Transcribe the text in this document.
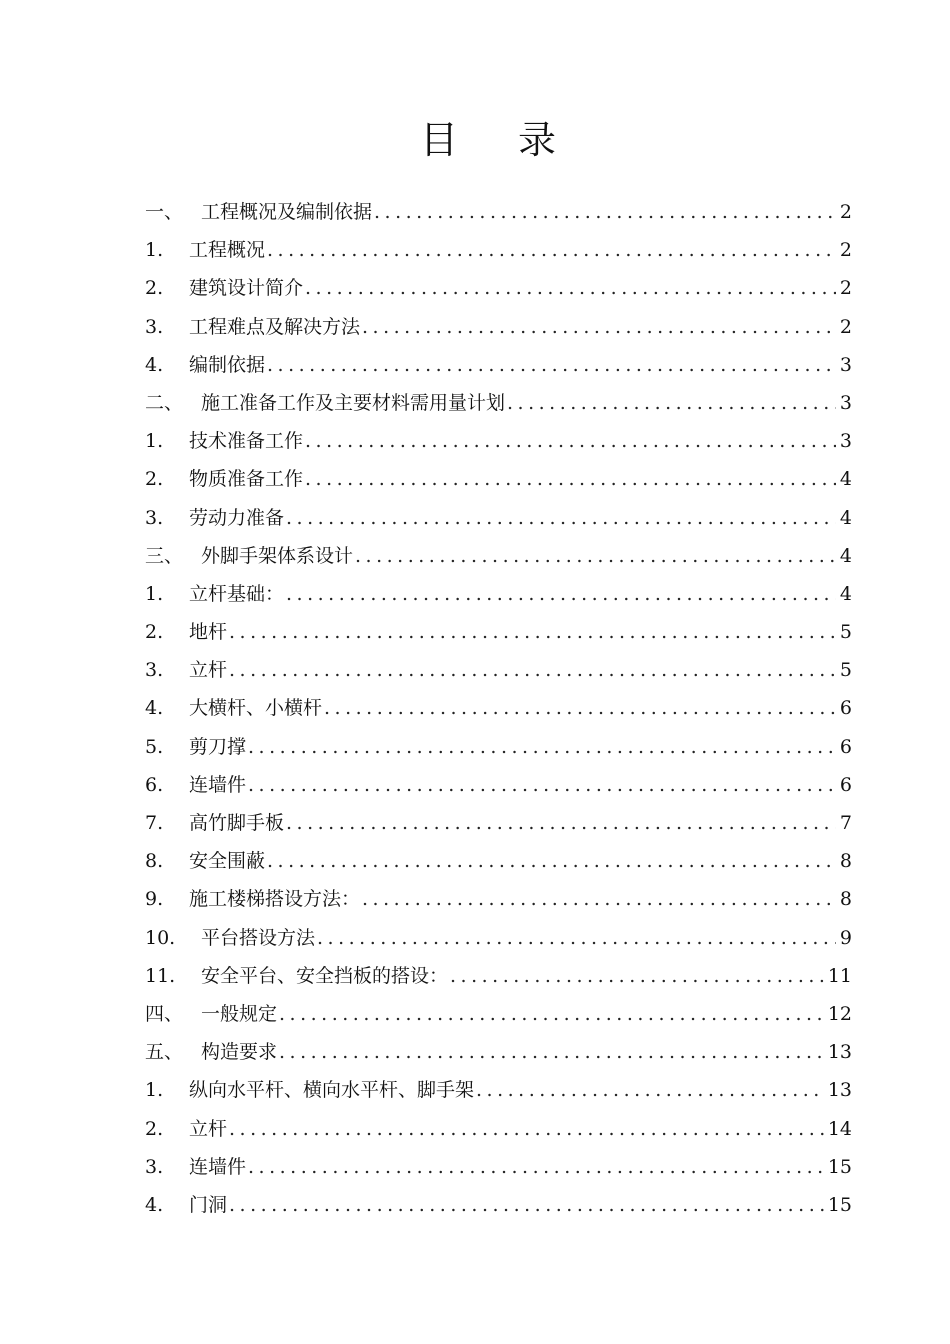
目 录
一、 工程概况及编制依据 .....	2
1.	工程概况 .....	2
2.	建筑设计简介 .....	2
3.	工程难点及解决方法 .....	2
4.	编制依据 .....	3
二、 施工准备工作及主要材料需用量计划 .....	3
1.	技术准备工作 .....	3
2.	物质准备工作 .....	4
3.	劳动力准备 .....	4
三、 外脚手架体系设计 .....	4
1.	立杆基础： .....	4
2.	地杆 .....	5
3.	立杆 .....	5
4.	大横杆、小横杆 .....	6
5.	剪刀撑 .....	6
6.	连墙件 .....	6
7.	高竹脚手板 .....	7
8.	安全围蔽 .....	8
9.	施工楼梯搭设方法： .....	8
10.	平台搭设方法 .....	9
11.	安全平台、安全挡板的搭设： .....	11
四、 一般规定 .....	12
五、 构造要求 .....	13
1.	纵向水平杆、横向水平杆、脚手架 .....	13
2.	立杆 .....	14
3.	连墙件 .....	15
4.	门洞 .....	15
